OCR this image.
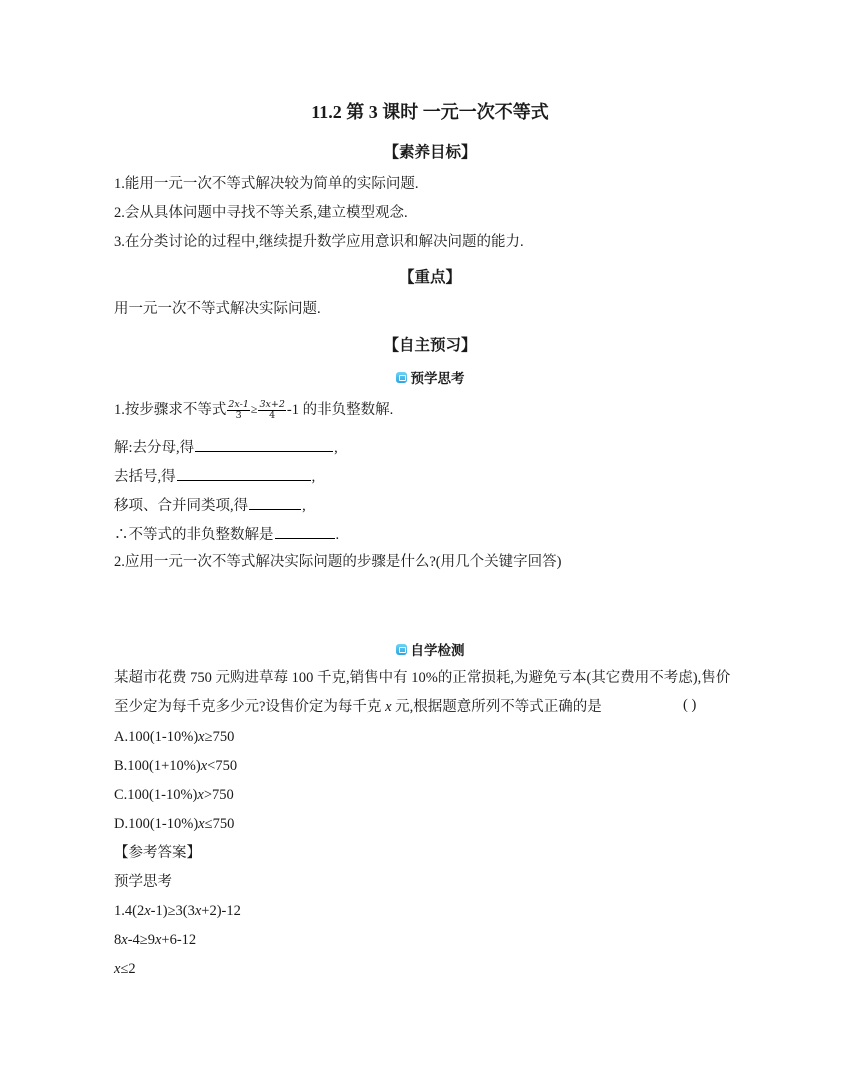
11.2 第 3 课时 一元一次不等式
【素养目标】
1.能用一元一次不等式解决较为简单的实际问题.
2.会从具体问题中寻找不等关系,建立模型观念.
3.在分类讨论的过程中,继续提升数学应用意识和解决问题的能力.
【重点】
用一元一次不等式解决实际问题.
【自主预习】
预学思考
1.按步骤求不等式 $\frac{2x-1}{3} \ge \frac{3x+2}{4} -1$ 的非负整数解.
解:去分母,得	,
去括号,得	,
移项、合并同类项,得	,
∴不等式的非负整数解是	.
2.应用一元一次不等式解决实际问题的步骤是什么?(用几个关键字回答)
自学检测
某超市花费 750 元购进草莓 100 千克,销售中有 10%的正常损耗,为避免亏本(其它费用不考虑),售价
至少定为每千克多少元?设售价定为每千克 x 元,根据题意所列不等式正确的是	( )
A.100(1-10%)x≥750
B.100(1+10%)x<750
C.100(1-10%)x>750
D.100(1-10%)x≤750
【参考答案】
预学思考
1.4(2x-1)≥3(3x+2)-12
8x-4≥9x+6-12
x≤2
